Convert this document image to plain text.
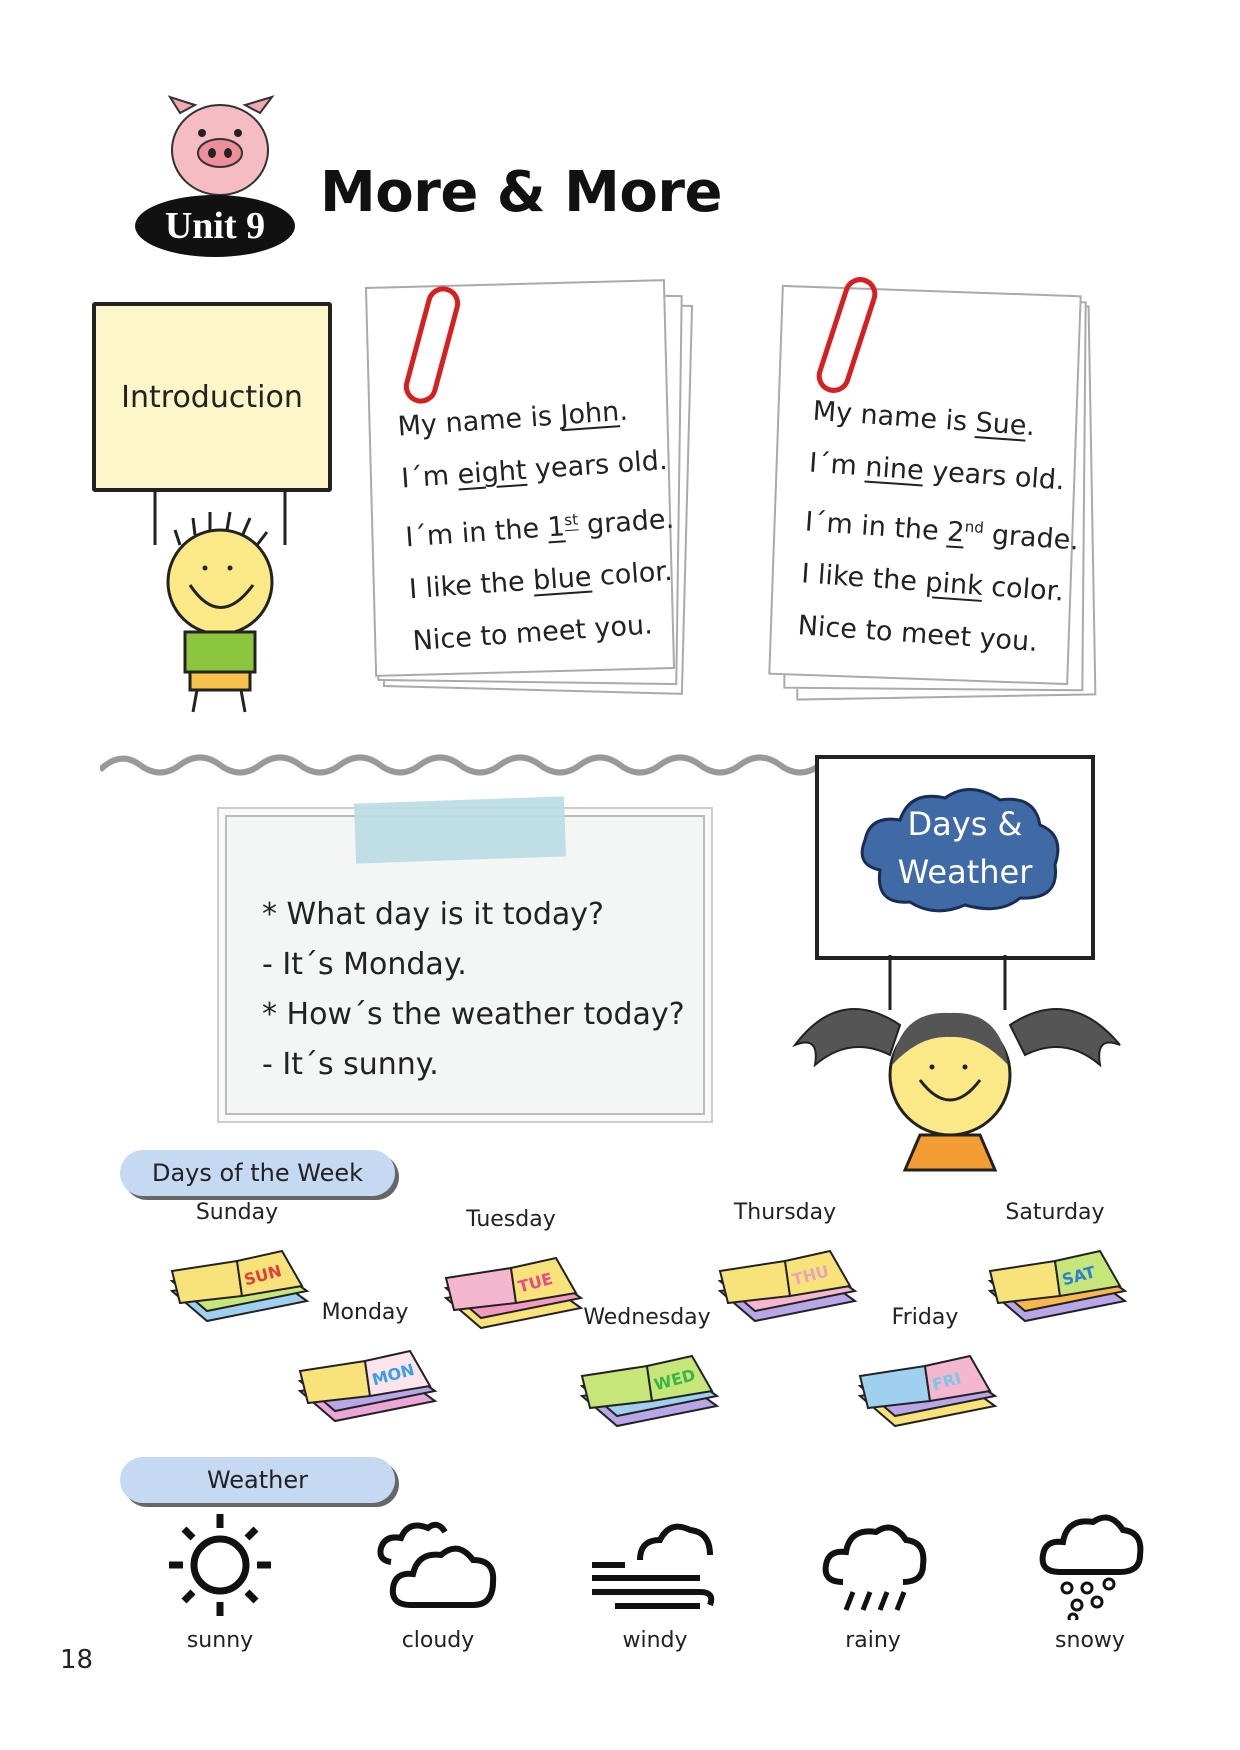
Unit 9
More & More
Introduction
My name is John.
I´m eight years old.
I´m in the 1st grade.
I like the blue color.
Nice to meet you.
My name is Sue.
I´m nine years old.
I´m in the 2nd grade.
I like the pink color.
Nice to meet you.
* What day is it today?
- It´s Monday.
* How´s the weather today?
- It´s sunny.
Days &
Weather
Days of the Week
Sunday
SUN
Monday
MON
Tuesday
TUE
Wednesday
WED
Thursday
THU
Friday
FRI
Saturday
SAT
Weather
sunny	cloudy	windy	rainy	snowy
18
